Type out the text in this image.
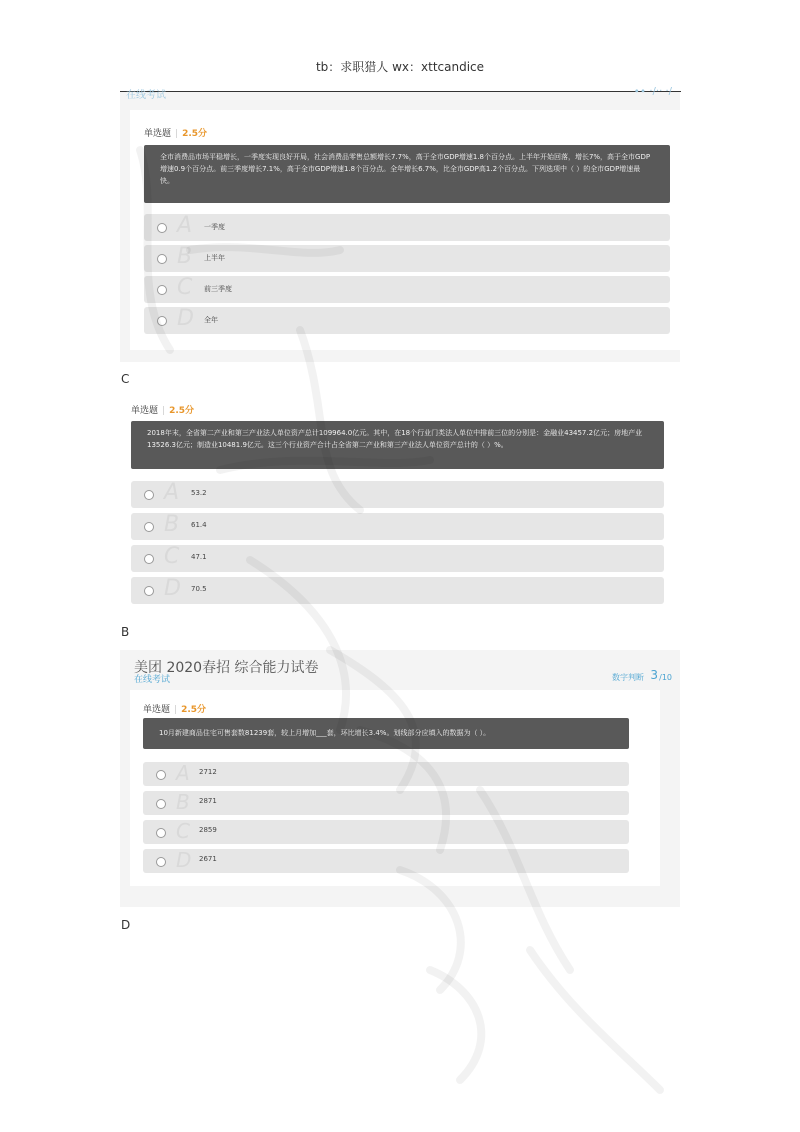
tb：求职猎人 wx：xttcandice
在线考试	∙∙ ·/·· ·/
单选题 | 2.5分
全市消费品市场平稳增长，一季度实现良好开局，社会消费品零售总额增长7.7%，高于全市GDP增速1.8个百分点。上半年开始回落，增长7%，高于全市GDP增速0.9个百分点。前三季度增长7.1%，高于全市GDP增速1.8个百分点。全年增长6.7%，比全市GDP高1.2个百分点。下列选项中（ ）的全市GDP增速最快。
A 一季度
B 上半年
C 前三季度
D 全年
C
单选题 | 2.5分
2018年末，全省第二产业和第三产业法人单位资产总计109964.0亿元。其中，在18个行业门类法人单位中排前三位的分别是：金融业43457.2亿元；房地产业13526.3亿元；制造业10481.9亿元。这三个行业资产合计占全省第二产业和第三产业法人单位资产总计的（ ）%。
A 53.2
B 61.4
C 47.1
D 70.5
B
美团 2020春招 综合能力试卷
在线考试	数字判断 3 /10
单选题 | 2.5分
10月新建商品住宅可售套数81239套，较上月增加___套，环比增长3.4%。划线部分应填入的数据为（ ）。
A 2712
B 2871
C 2859
D 2671
D
